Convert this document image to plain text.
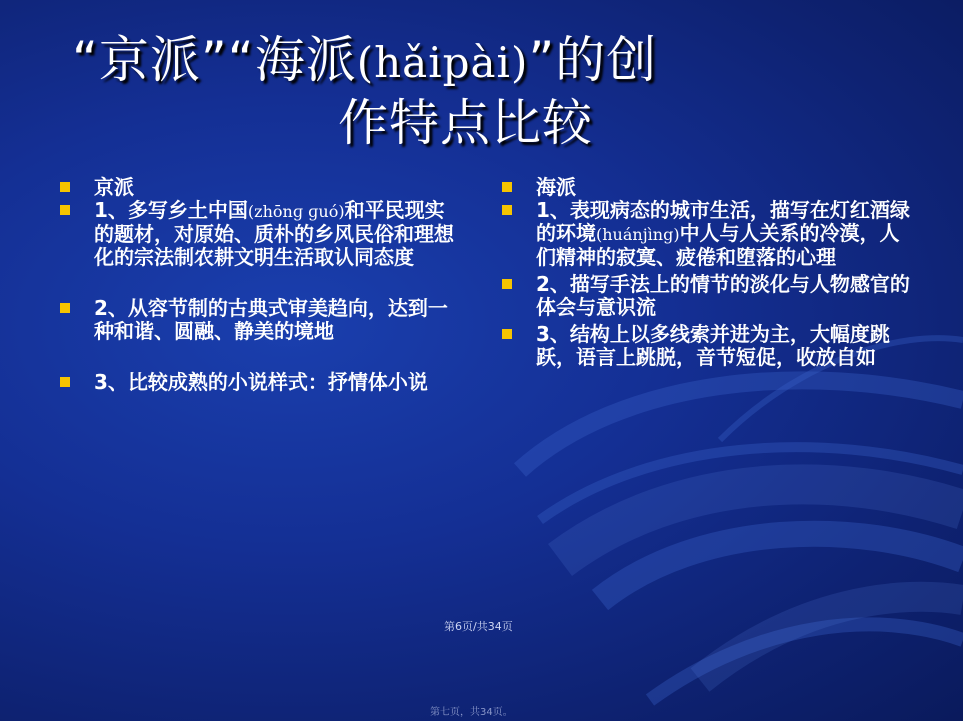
“京派”“海派(hǎipài)”的创
作特点比较
京派
1、多写乡土中国(zhōnɡ ɡuó)和平民现实的题材，对原始、质朴的乡风民俗和理想化的宗法制农耕文明生活取认同态度
2、从容节制的古典式审美趋向，达到一种和谐、圆融、静美的境地
3、比较成熟的小说样式：抒情体小说
海派
1、表现病态的城市生活，描写在灯红酒绿的环境(huánjìng)中人与人关系的冷漠，人们精神的寂寞、疲倦和堕落的心理
2、描写手法上的情节的淡化与人物感官的体会与意识流
3、结构上以多线索并进为主，大幅度跳跃，语言上跳脱，音节短促，收放自如
第6页/共34页
第七页，共34页。
